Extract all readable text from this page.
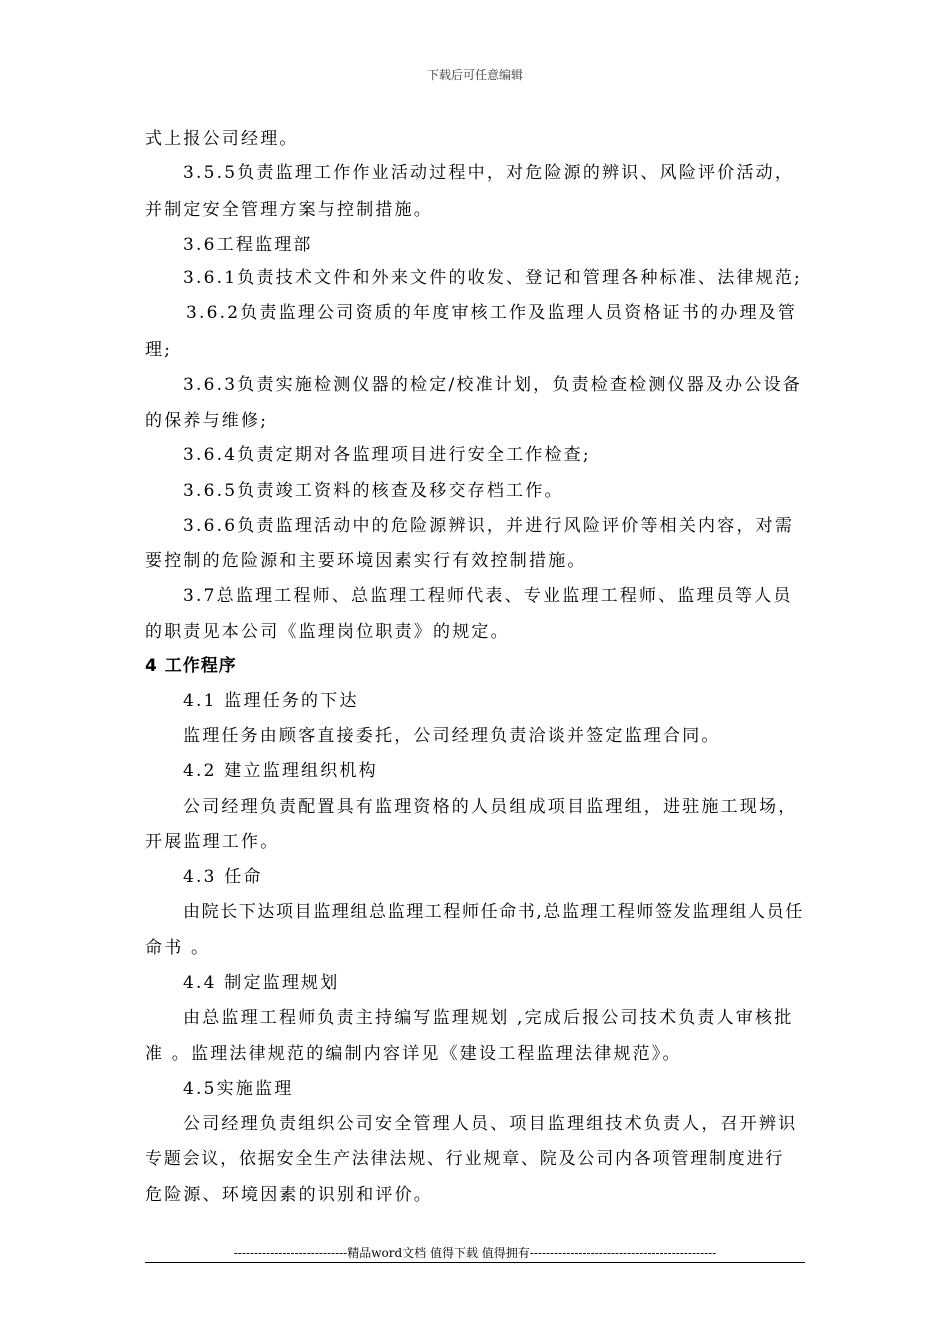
下载后可任意编辑
式上报公司经理。
3.5.5负责监理工作作业活动过程中，对危险源的辨识、风险评价活动，
并制定安全管理方案与控制措施。
3.6工程监理部
3.6.1负责技术文件和外来文件的收发、登记和管理各种标准、法律规范;
3.6.2负责监理公司资质的年度审核工作及监理人员资格证书的办理及管
理;
3.6.3负责实施检测仪器的检定/校准计划，负责检查检测仪器及办公设备
的保养与维修;
3.6.4负责定期对各监理项目进行安全工作检查;
3.6.5负责竣工资料的核查及移交存档工作。
3.6.6负责监理活动中的危险源辨识，并进行风险评价等相关内容，对需
要控制的危险源和主要环境因素实行有效控制措施。
3.7总监理工程师、总监理工程师代表、专业监理工程师、监理员等人员
的职责见本公司《监理岗位职责》的规定。
4 工作程序
4.1 监理任务的下达
监理任务由顾客直接委托，公司经理负责洽谈并签定监理合同。
4.2 建立监理组织机构
公司经理负责配置具有监理资格的人员组成项目监理组，进驻施工现场，
开展监理工作。
4.3 任命
由院长下达项目监理组总监理工程师任命书,总监理工程师签发监理组人员任
命书 。
4.4 制定监理规划
由总监理工程师负责主持编写监理规划 ,完成后报公司技术负责人审核批
准 。监理法律规范的编制内容详见《建设工程监理法律规范》。
4.5实施监理
公司经理负责组织公司安全管理人员、项目监理组技术负责人，召开辨识
专题会议，依据安全生产法律法规、行业规章、院及公司内各项管理制度进行
危险源、环境因素的识别和评价。
----------------------------精品word文档 值得下载 值得拥有----------------------------------------------
